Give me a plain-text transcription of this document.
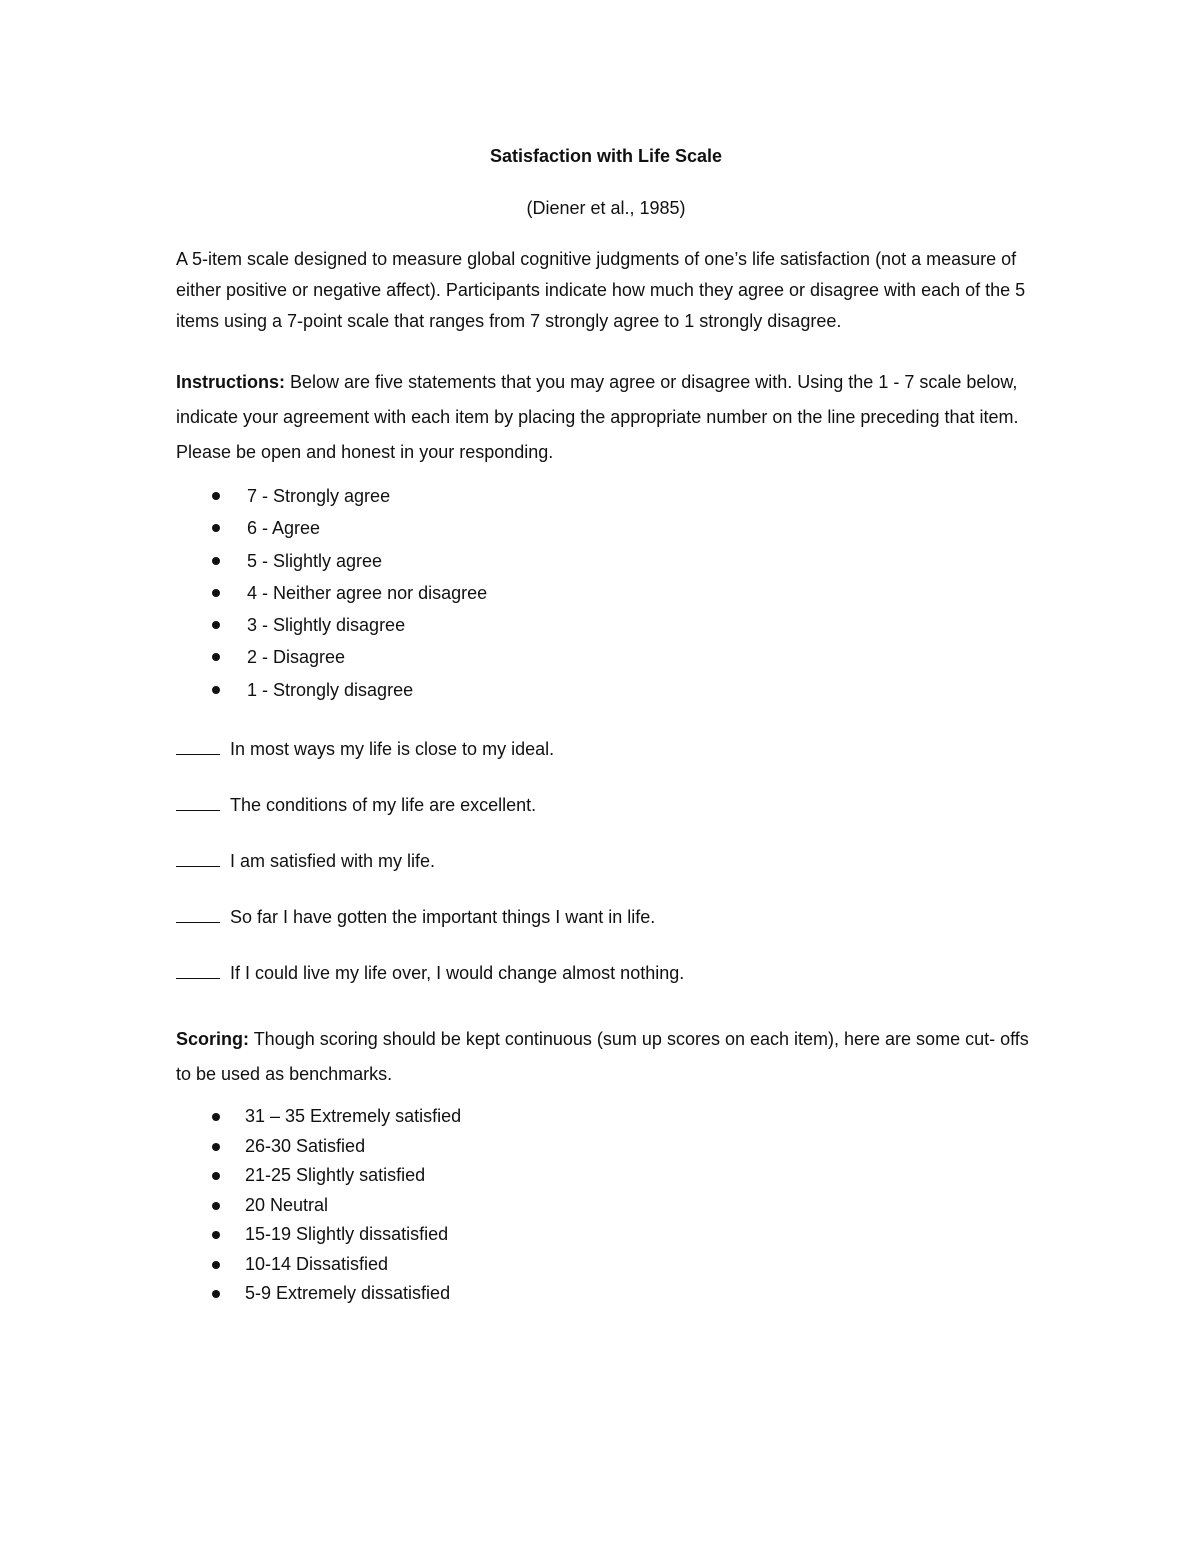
Satisfaction with Life Scale

(Diener et al., 1985)

A 5-item scale designed to measure global cognitive judgments of one’s life satisfaction (not a measure of either positive or negative affect). Participants indicate how much they agree or disagree with each of the 5 items using a 7-point scale that ranges from 7 strongly agree to 1 strongly disagree.

Instructions: Below are five statements that you may agree or disagree with. Using the 1 - 7 scale below, indicate your agreement with each item by placing the appropriate number on the line preceding that item. Please be open and honest in your responding.

7 - Strongly agree
6 - Agree
5 - Slightly agree
4 - Neither agree nor disagree
3 - Slightly disagree
2 - Disagree
1 - Strongly disagree
In most ways my life is close to my ideal.
The conditions of my life are excellent.
I am satisfied with my life.
So far I have gotten the important things I want in life.
If I could live my life over, I would change almost nothing.

Scoring: Though scoring should be kept continuous (sum up scores on each item), here are some cut- offs to be used as benchmarks.

31 – 35 Extremely satisfied
26-30 Satisfied
21-25 Slightly satisfied
20 Neutral
15-19 Slightly dissatisfied
10-14 Dissatisfied
5-9 Extremely dissatisfied
